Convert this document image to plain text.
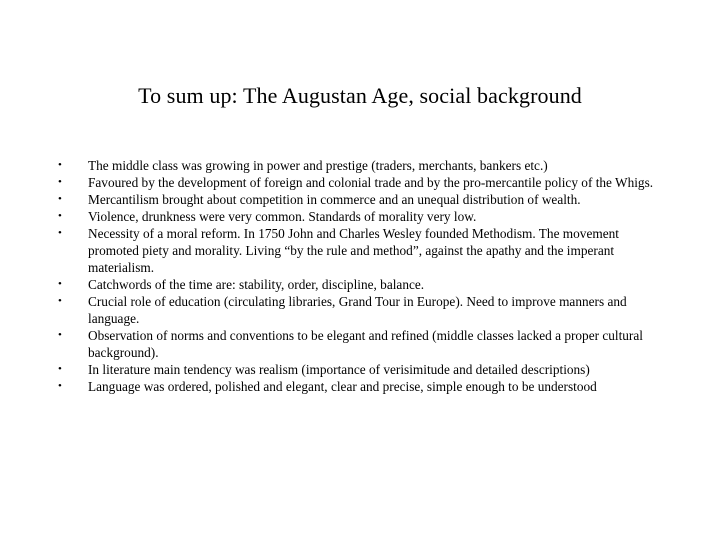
To sum up: The Augustan Age, social background
•	The middle class was growing in power and prestige (traders, merchants, bankers etc.)
•	Favoured by the development of foreign and colonial trade and by the pro-mercantile policy of the Whigs.
•	Mercantilism brought about competition in commerce and an unequal distribution of wealth.
•	Violence, drunkness were very common. Standards of morality very low.
•	Necessity of a moral reform. In 1750 John and Charles Wesley founded Methodism. The movement promoted piety and morality. Living “by the rule and method”, against the apathy and the imperant materialism.
•	Catchwords of the time are: stability, order, discipline, balance.
•	Crucial role of education (circulating libraries, Grand Tour in Europe). Need to improve manners and language.
•	Observation of norms and conventions to be elegant and refined (middle classes lacked a proper cultural background).
•	In literature main tendency was realism (importance of verisimitude and detailed descriptions)
•	Language was ordered, polished and elegant, clear and precise, simple enough to be understood
